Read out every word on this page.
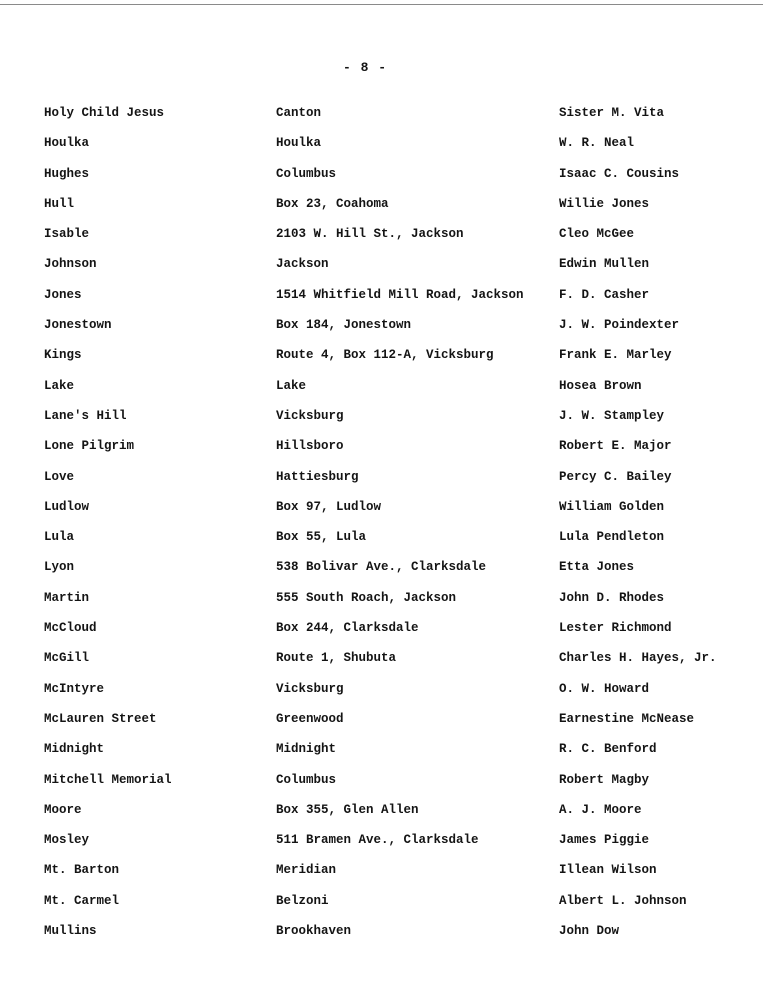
- 8 -
Holy Child Jesus	Canton	Sister M. Vita
Houlka	Houlka	W. R. Neal
Hughes	Columbus	Isaac C. Cousins
Hull	Box 23, Coahoma	Willie Jones
Isable	2103 W. Hill St., Jackson	Cleo McGee
Johnson	Jackson	Edwin Mullen
Jones	1514 Whitfield Mill Road, Jackson	F. D. Casher
Jonestown	Box 184, Jonestown	J. W. Poindexter
Kings	Route 4, Box 112-A, Vicksburg	Frank E. Marley
Lake	Lake	Hosea Brown
Lane's Hill	Vicksburg	J. W. Stampley
Lone Pilgrim	Hillsboro	Robert E. Major
Love	Hattiesburg	Percy C. Bailey
Ludlow	Box 97, Ludlow	William Golden
Lula	Box 55, Lula	Lula Pendleton
Lyon	538 Bolivar Ave., Clarksdale	Etta Jones
Martin	555 South Roach, Jackson	John D. Rhodes
McCloud	Box 244, Clarksdale	Lester Richmond
McGill	Route 1, Shubuta	Charles H. Hayes, Jr.
McIntyre	Vicksburg	O. W. Howard
McLauren Street	Greenwood	Earnestine McNease
Midnight	Midnight	R. C. Benford
Mitchell Memorial	Columbus	Robert Magby
Moore	Box 355, Glen Allen	A. J. Moore
Mosley	511 Bramen Ave., Clarksdale	James Piggie
Mt. Barton	Meridian	Illean Wilson
Mt. Carmel	Belzoni	Albert L. Johnson
Mullins	Brookhaven	John Dow
